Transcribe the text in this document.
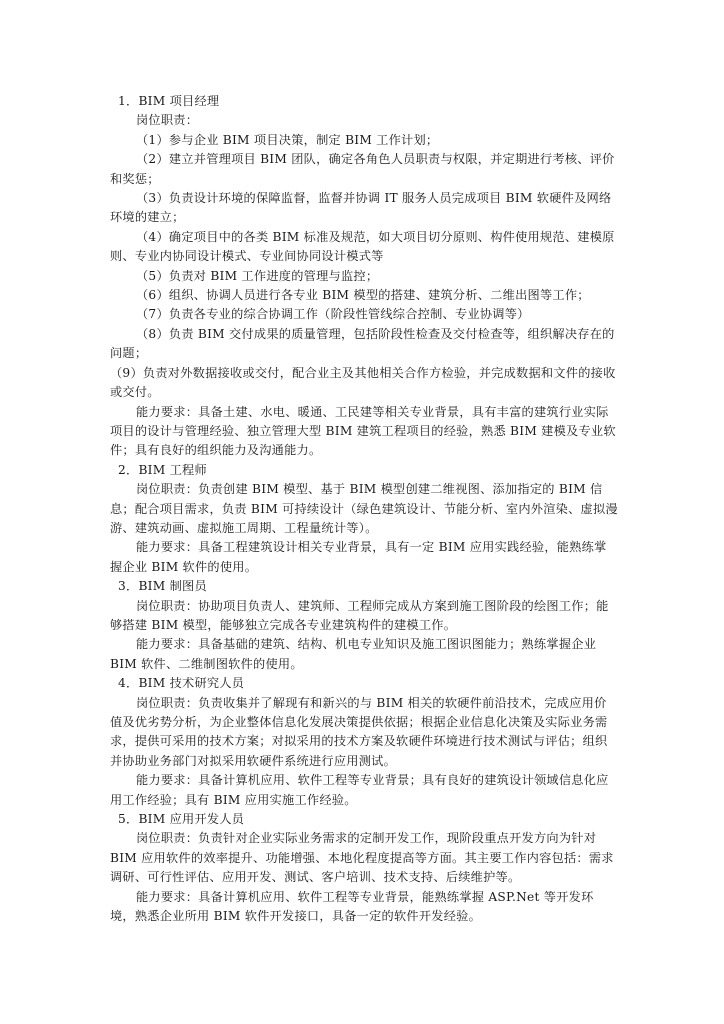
1．BIM 项目经理

岗位职责：

（1）参与企业 BIM 项目决策，制定 BIM 工作计划；

（2）建立并管理项目 BIM 团队，确定各角色人员职责与权限，并定期进行考核、评价和奖惩；

（3）负责设计环境的保障监督，监督并协调 IT 服务人员完成项目 BIM 软硬件及网络环境的建立；

（4）确定项目中的各类 BIM 标准及规范，如大项目切分原则、构件使用规范、建模原则、专业内协同设计模式、专业间协同设计模式等

（5）负责对 BIM 工作进度的管理与监控；

（6）组织、协调人员进行各专业 BIM 模型的搭建、建筑分析、二维出图等工作；

（7）负责各专业的综合协调工作（阶段性管线综合控制、专业协调等）

（8）负责 BIM 交付成果的质量管理，包括阶段性检查及交付检查等，组织解决存在的问题；

（9）负责对外数据接收或交付，配合业主及其他相关合作方检验，并完成数据和文件的接收或交付。

能力要求：具备土建、水电、暖通、工民建等相关专业背景，具有丰富的建筑行业实际项目的设计与管理经验、独立管理大型 BIM 建筑工程项目的经验，熟悉 BIM 建模及专业软件；具有良好的组织能力及沟通能力。

2．BIM 工程师

岗位职责：负责创建 BIM 模型、基于 BIM 模型创建二维视图、添加指定的 BIM 信息；配合项目需求，负责 BIM 可持续设计（绿色建筑设计、节能分析、室内外渲染、虚拟漫游、建筑动画、虚拟施工周期、工程量统计等）。

能力要求：具备工程建筑设计相关专业背景，具有一定 BIM 应用实践经验，能熟练掌握企业 BIM 软件的使用。

3．BIM 制图员

岗位职责：协助项目负责人、建筑师、工程师完成从方案到施工图阶段的绘图工作；能够搭建 BIM 模型，能够独立完成各专业建筑构件的建模工作。

能力要求：具备基础的建筑、结构、机电专业知识及施工图识图能力；熟练掌握企业 BIM 软件、二维制图软件的使用。

4．BIM 技术研究人员

岗位职责：负责收集并了解现有和新兴的与 BIM 相关的软硬件前沿技术，完成应用价值及优劣势分析，为企业整体信息化发展决策提供依据；根据企业信息化决策及实际业务需求，提供可采用的技术方案；对拟采用的技术方案及软硬件环境进行技术测试与评估；组织并协助业务部门对拟采用软硬件系统进行应用测试。

能力要求：具备计算机应用、软件工程等专业背景；具有良好的建筑设计领域信息化应用工作经验；具有 BIM 应用实施工作经验。

5．BIM 应用开发人员

岗位职责：负责针对企业实际业务需求的定制开发工作，现阶段重点开发方向为针对 BIM 应用软件的效率提升、功能增强、本地化程度提高等方面。其主要工作内容包括：需求调研、可行性评估、应用开发、测试、客户培训、技术支持、后续维护等。

能力要求：具备计算机应用、软件工程等专业背景，能熟练掌握 ASP.Net 等开发环境，熟悉企业所用 BIM 软件开发接口，具备一定的软件开发经验。
